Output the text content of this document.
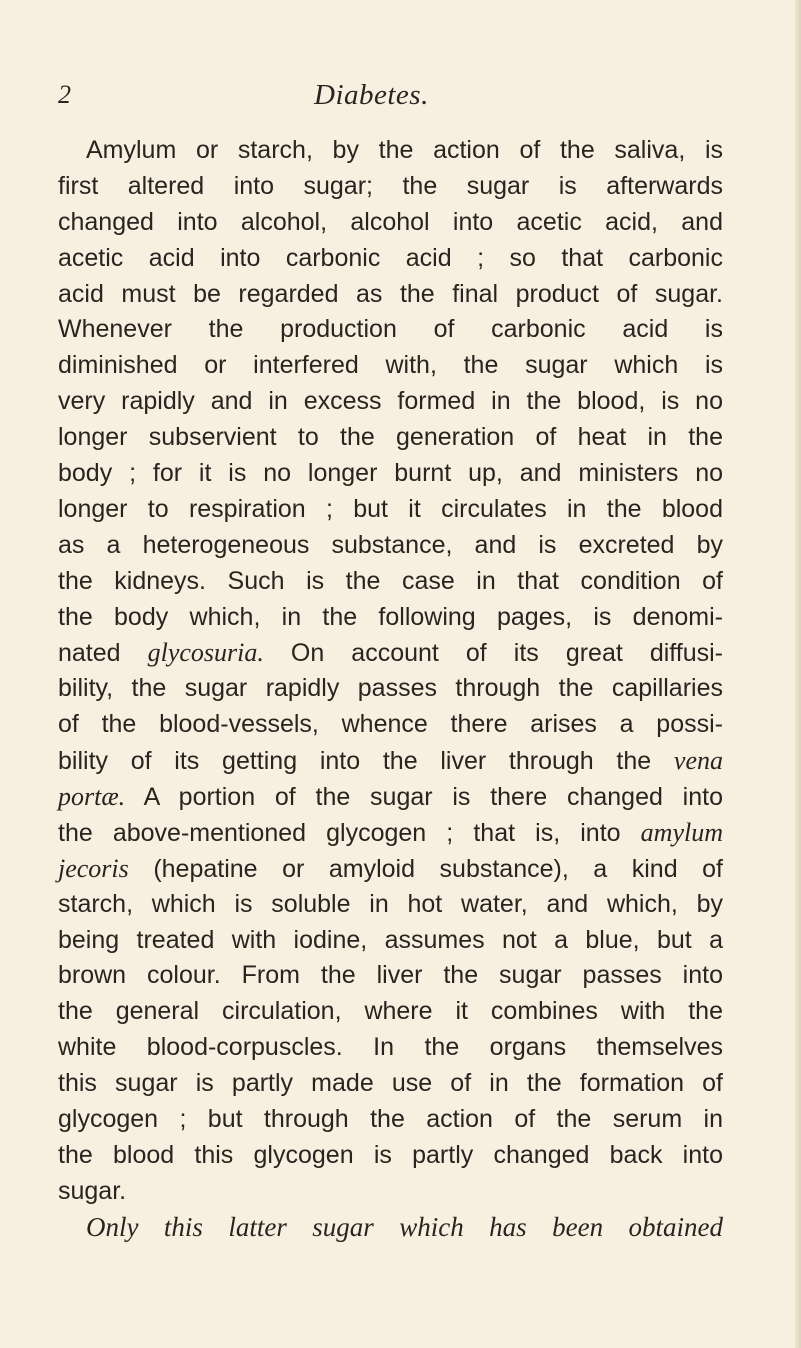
2	Diabetes.
Amylum or starch, by the action of the saliva, is
first altered into sugar; the sugar is afterwards
changed into alcohol, alcohol into acetic acid, and
acetic acid into carbonic acid ; so that carbonic
acid must be regarded as the final product of sugar.
Whenever the production of carbonic acid is
diminished or interfered with, the sugar which is
very rapidly and in excess formed in the blood, is no
longer subservient to the generation of heat in the
body ; for it is no longer burnt up, and ministers no
longer to respiration ; but it circulates in the blood
as a heterogeneous substance, and is excreted by
the kidneys. Such is the case in that condition of
the body which, in the following pages, is denomi-
nated glycosuria. On account of its great diffusi-
bility, the sugar rapidly passes through the capillaries
of the blood-vessels, whence there arises a possi-
bility of its getting into the liver through the vena
portæ. A portion of the sugar is there changed into
the above-mentioned glycogen ; that is, into amylum
jecoris (hepatine or amyloid substance), a kind of
starch, which is soluble in hot water, and which, by
being treated with iodine, assumes not a blue, but a
brown colour. From the liver the sugar passes into
the general circulation, where it combines with the
white blood-corpuscles. In the organs themselves
this sugar is partly made use of in the formation of
glycogen ; but through the action of the serum in
the blood this glycogen is partly changed back into
sugar.
Only this latter sugar which has been obtained
